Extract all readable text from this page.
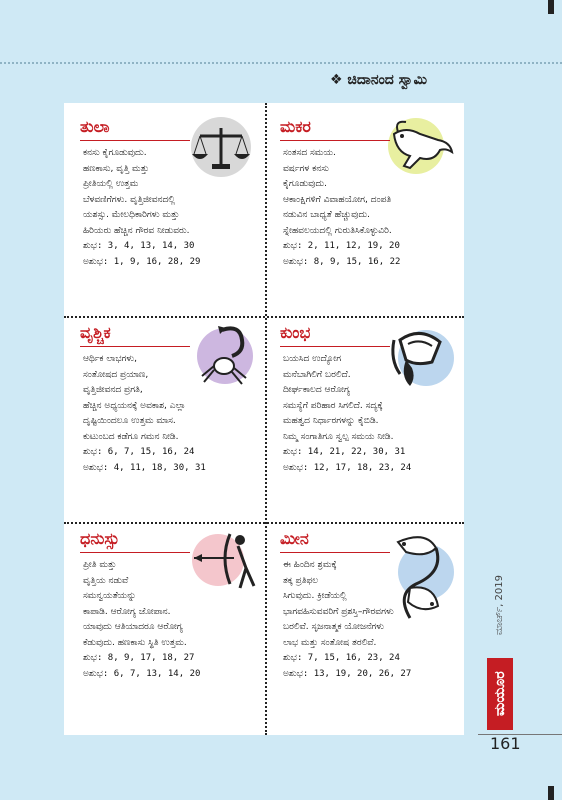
❖ ಚಿದಾನಂದ ಸ್ವಾಮಿ
ತುಲಾ
ಕನಸು ಕೈಗೂಡುವುದು.
ಹಣಕಾಸು, ವೃತ್ತಿ ಮತ್ತು
ಪ್ರೀತಿಯಲ್ಲಿ ಉತ್ತಮ
ಬೆಳವಣಿಗೆಗಳು. ವೃತ್ತಿಜೀವನದಲ್ಲಿ
ಯಶಸ್ಸು. ಮೇಲಧಿಕಾರಿಗಳು ಮತ್ತು
ಹಿರಿಯರು ಹೆಚ್ಚಿನ ಗೌರವ ನೀಡುವರು.
ಶುಭ: 3, 4, 13, 14, 30
ಅಶುಭ: 1, 9, 16, 28, 29
ಮಕರ
ಸಂತಸದ ಸಮಯ.
ವರ್ಷಗಳ ಕನಸು
ಕೈಗೂಡುವುದು.
ಆಕಾಂಕ್ಷಿಗಳಿಗೆ ವಿವಾಹಯೋಗ, ದಂಪತಿ
ನಡುವಿನ ಬಾಧ್ಯತೆ ಹೆಚ್ಚುವುದು.
ಸ್ನೇಹವಲಯದಲ್ಲಿ ಗುರುತಿಸಿಕೊಳ್ಳುವಿರಿ.
ಶುಭ: 2, 11, 12, 19, 20
ಅಶುಭ: 8, 9, 15, 16, 22
ವೃಶ್ಚಿಕ
ಆರ್ಥಿಕ ಲಾಭಗಳು,
ಸಂತೋಷದ ಪ್ರಯಾಣ,
ವೃತ್ತಿಜೀವನದ ಪ್ರಗತಿ,
ಹೆಚ್ಚಿನ ಅಧ್ಯಯನಕ್ಕೆ ಅವಕಾಶ, ಎಲ್ಲಾ
ದೃಷ್ಟಿಯಿಂದಲೂ ಉತ್ತಮ ಮಾಸ.
ಕುಟುಂಬದ ಕಡೆಗೂ ಗಮನ ನೀಡಿ.
ಶುಭ: 6, 7, 15, 16, 24
ಅಶುಭ: 4, 11, 18, 30, 31
ಕುಂಭ
ಬಯಸಿದ ಉದ್ಯೋಗ
ಮನೆಬಾಗಿಲಿಗೆ ಬರಲಿದೆ.
ದೀರ್ಘಕಾಲದ ಆರೋಗ್ಯ
ಸಮಸ್ಯೆಗೆ ಪರಿಹಾರ ಸಿಗಲಿದೆ. ಸದ್ಯಕ್ಕೆ
ಮಹತ್ವದ ನಿರ್ಧಾರಗಳನ್ನು ಕೈಬಿಡಿ.
ನಿಮ್ಮ ಸಂಗಾತಿಗೂ ಸ್ವಲ್ಪ ಸಮಯ ನೀಡಿ.
ಶುಭ: 14, 21, 22, 30, 31
ಅಶುಭ: 12, 17, 18, 23, 24
ಧನುಸ್ಸು
ಪ್ರೀತಿ ಮತ್ತು
ವೃತ್ತಿಯ ನಡುವೆ
ಸಮನ್ವಯತೆಯನ್ನು
ಕಾಪಾಡಿ. ಆರೋಗ್ಯ ಜೋಪಾನ.
ಯಾವುದು ಆತಿಯಾದರೂ ಆರೋಗ್ಯ
ಕೆಡುವುದು. ಹಣಕಾಸು ಸ್ಥಿತಿ ಉತ್ತಮ.
ಶುಭ: 8, 9, 17, 18, 27
ಅಶುಭ: 6, 7, 13, 14, 20
ಮೀನ
ಈ ಹಿಂದಿನ ಶ್ರಮಕ್ಕೆ
ತಕ್ಕ ಪ್ರತಿಫಲ
ಸಿಗುವುದು. ಕ್ರೀಡೆಯಲ್ಲಿ
ಭಾಗವಹಿಸುವವರಿಗೆ ಪ್ರಶಸ್ತಿ–ಗೌರವಗಳು
ಬರಲಿವೆ. ಸೃಜನಾತ್ಮಕ ಯೋಜನೆಗಳು
ಲಾಭ ಮತ್ತು ಸಂತೋಷ ತರಲಿವೆ.
ಶುಭ: 7, 15, 16, 23, 24
ಅಶುಭ: 13, 19, 20, 26, 27
ಮಾರ್ಚ್, 2019
ಮಯೂರ
161
